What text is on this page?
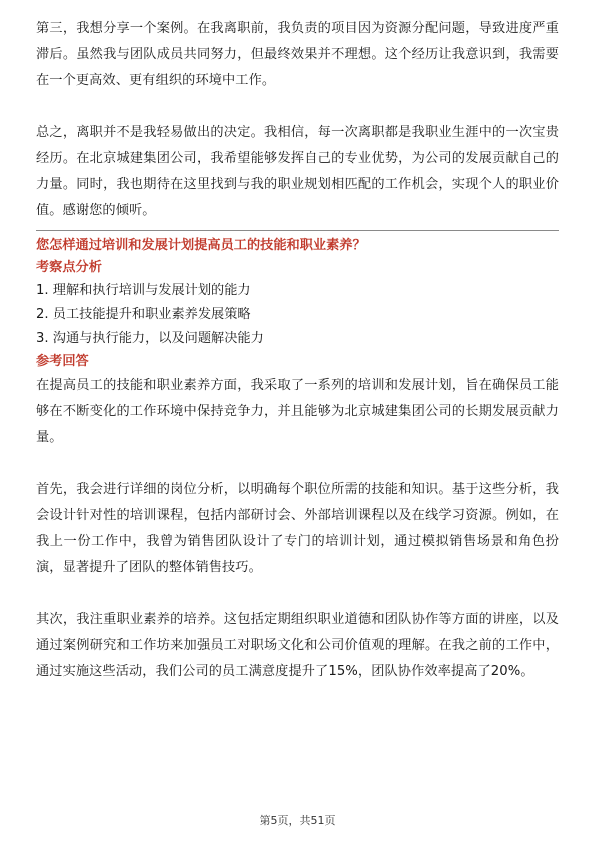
第三，我想分享一个案例。在我离职前，我负责的项目因为资源分配问题，导致进度严重滞后。虽然我与团队成员共同努力，但最终效果并不理想。这个经历让我意识到，我需要在一个更高效、更有组织的环境中工作。

总之，离职并不是我轻易做出的决定。我相信，每一次离职都是我职业生涯中的一次宝贵经历。在北京城建集团公司，我希望能够发挥自己的专业优势，为公司的发展贡献自己的力量。同时，我也期待在这里找到与我的职业规划相匹配的工作机会，实现个人的职业价值。感谢您的倾听。

您怎样通过培训和发展计划提高员工的技能和职业素养？
考察点分析
1. 理解和执行培训与发展计划的能力
2. 员工技能提升和职业素养发展策略
3. 沟通与执行能力，以及问题解决能力
参考回答

在提高员工的技能和职业素养方面，我采取了一系列的培训和发展计划，旨在确保员工能够在不断变化的工作环境中保持竞争力，并且能够为北京城建集团公司的长期发展贡献力量。

首先，我会进行详细的岗位分析，以明确每个职位所需的技能和知识。基于这些分析，我会设计针对性的培训课程，包括内部研讨会、外部培训课程以及在线学习资源。例如，在我上一份工作中，我曾为销售团队设计了专门的培训计划，通过模拟销售场景和角色扮演，显著提升了团队的整体销售技巧。

其次，我注重职业素养的培养。这包括定期组织职业道德和团队协作等方面的讲座，以及通过案例研究和工作坊来加强员工对职场文化和公司价值观的理解。在我之前的工作中，通过实施这些活动，我们公司的员工满意度提升了15%，团队协作效率提高了20%。

第5页，共51页
